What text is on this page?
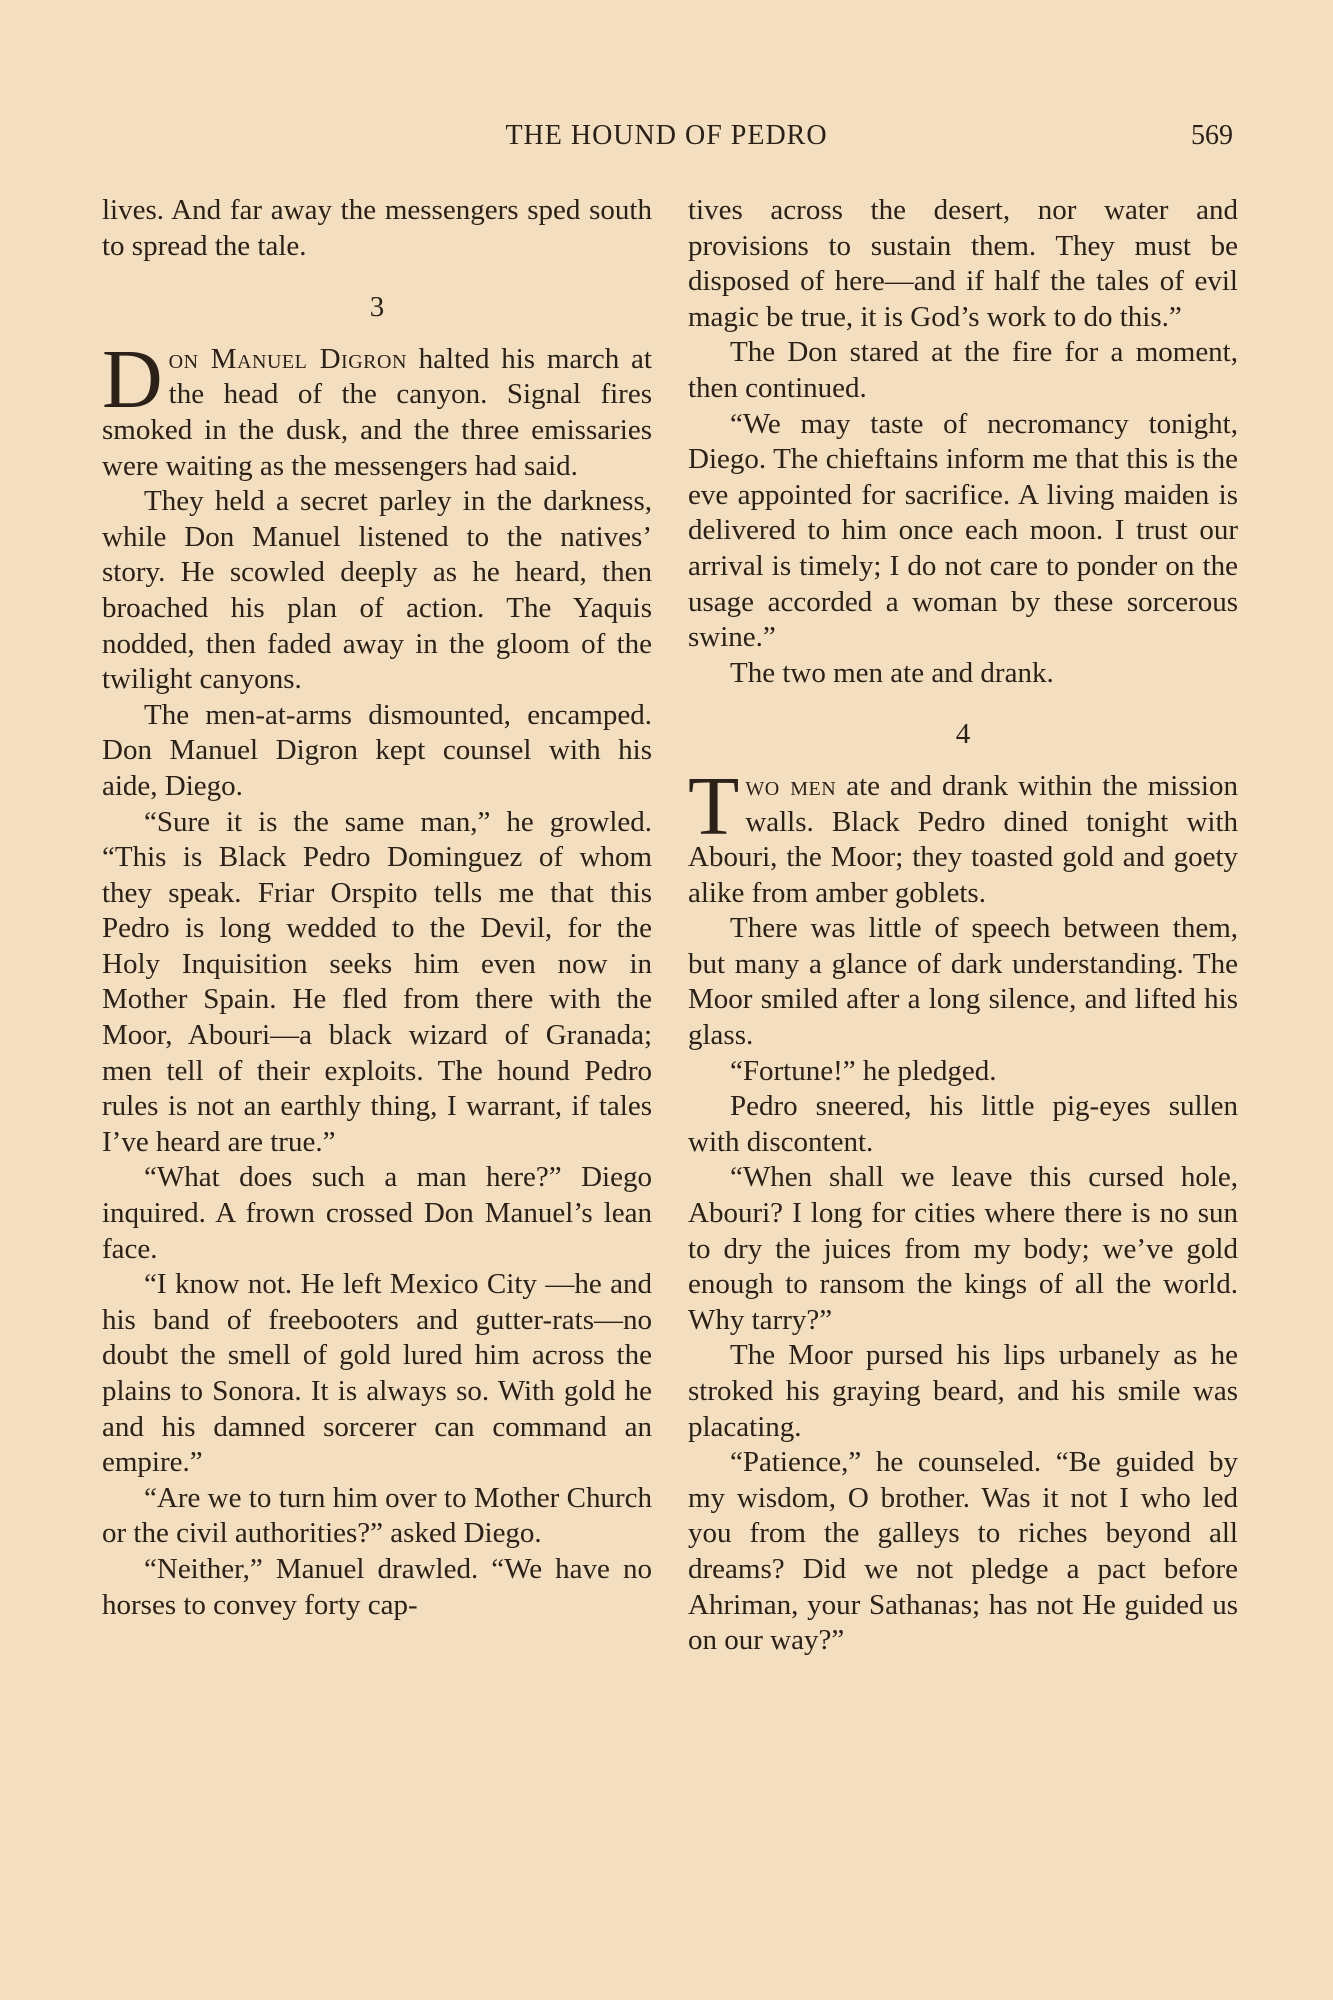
THE HOUND OF PEDRO	569

lives. And far away the messengers sped south to spread the tale.

3

Don Manuel Digron halted his march at the head of the canyon. Signal fires smoked in the dusk, and the three emissaries were waiting as the messengers had said.

They held a secret parley in the darkness, while Don Manuel listened to the natives’ story. He scowled deeply as he heard, then broached his plan of action. The Yaquis nodded, then faded away in the gloom of the twilight canyons.

The men-at-arms dismounted, encamped. Don Manuel Digron kept counsel with his aide, Diego.

“Sure it is the same man,” he growled. “This is Black Pedro Dominguez of whom they speak. Friar Orspito tells me that this Pedro is long wedded to the Devil, for the Holy Inquisition seeks him even now in Mother Spain. He fled from there with the Moor, Abouri—a black wizard of Granada; men tell of their exploits. The hound Pedro rules is not an earthly thing, I warrant, if tales I’ve heard are true.”

“What does such a man here?” Diego inquired. A frown crossed Don Manuel’s lean face.

“I know not. He left Mexico City —he and his band of freebooters and gutter-rats—no doubt the smell of gold lured him across the plains to Sonora. It is always so. With gold he and his damned sorcerer can command an empire.”

“Are we to turn him over to Mother Church or the civil authorities?” asked Diego.

“Neither,” Manuel drawled. “We have no horses to convey forty cap-

tives across the desert, nor water and provisions to sustain them. They must be disposed of here—and if half the tales of evil magic be true, it is God’s work to do this.”

The Don stared at the fire for a moment, then continued.

“We may taste of necromancy tonight, Diego. The chieftains inform me that this is the eve appointed for sacrifice. A living maiden is delivered to him once each moon. I trust our arrival is timely; I do not care to ponder on the usage accorded a woman by these sorcerous swine.”

The two men ate and drank.

4

Two men ate and drank within the mission walls. Black Pedro dined tonight with Abouri, the Moor; they toasted gold and goety alike from amber goblets.

There was little of speech between them, but many a glance of dark understanding. The Moor smiled after a long silence, and lifted his glass.

“Fortune!” he pledged.

Pedro sneered, his little pig-eyes sullen with discontent.

“When shall we leave this cursed hole, Abouri? I long for cities where there is no sun to dry the juices from my body; we’ve gold enough to ransom the kings of all the world. Why tarry?”

The Moor pursed his lips urbanely as he stroked his graying beard, and his smile was placating.

“Patience,” he counseled. “Be guided by my wisdom, O brother. Was it not I who led you from the galleys to riches beyond all dreams? Did we not pledge a pact before Ahriman, your Sathanas; has not He guided us on our way?”
